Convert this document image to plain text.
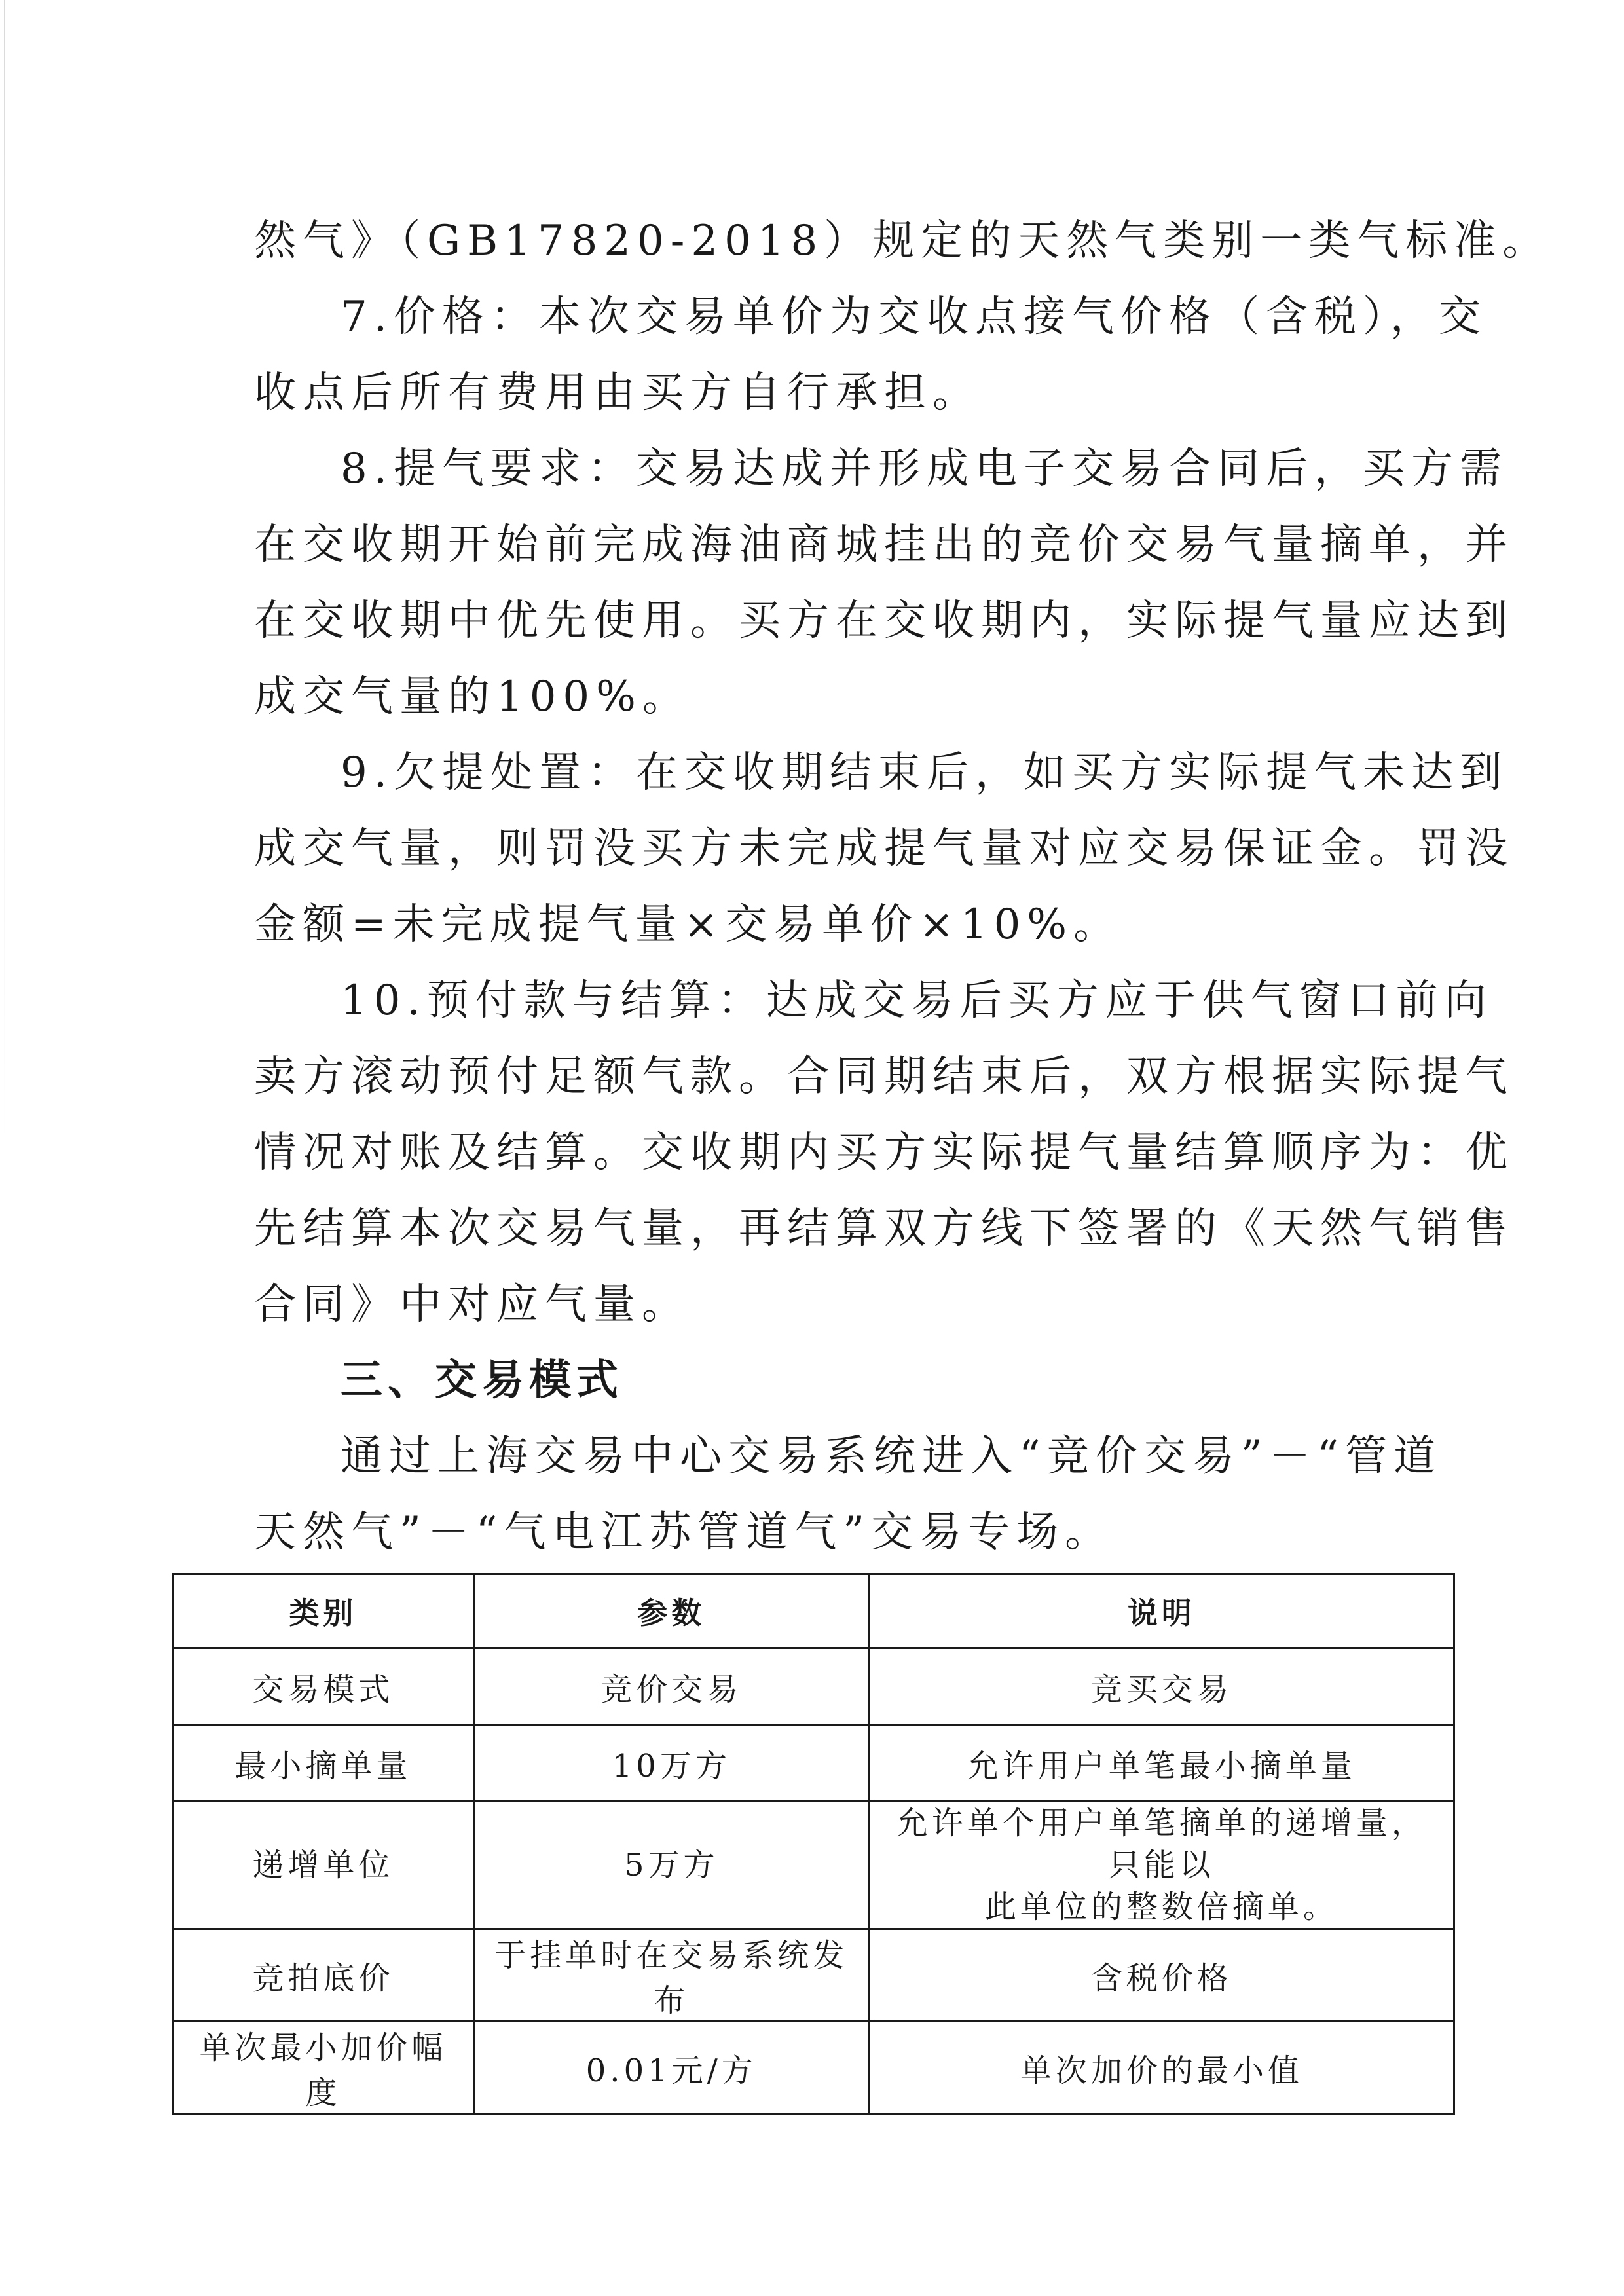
然气》（GB17820-2018）规定的天然气类别一类气标准。
7.价格：本次交易单价为交收点接气价格（含税），交
收点后所有费用由买方自行承担。
8.提气要求：交易达成并形成电子交易合同后，买方需
在交收期开始前完成海油商城挂出的竞价交易气量摘单，并
在交收期中优先使用。买方在交收期内，实际提气量应达到
成交气量的100%。
9.欠提处置：在交收期结束后，如买方实际提气未达到
成交气量，则罚没买方未完成提气量对应交易保证金。罚没
金额=未完成提气量×交易单价×10%。
10.预付款与结算：达成交易后买方应于供气窗口前向
卖方滚动预付足额气款。合同期结束后，双方根据实际提气
情况对账及结算。交收期内买方实际提气量结算顺序为：优
先结算本次交易气量，再结算双方线下签署的《天然气销售
合同》中对应气量。
三、交易模式
通过上海交易中心交易系统进入“竞价交易”－“管道
天然气”－“气电江苏管道气”交易专场。
类别	参数	说明
交易模式	竞价交易	竞买交易
最小摘单量	10万方	允许用户单笔最小摘单量
递增单位	5万方	允许单个用户单笔摘单的递增量，只能以
此单位的整数倍摘单。

竞拍底价	于挂单时在交易系统发布	含税价格
单次最小加价幅度	0.01元/方	单次加价的最小值
